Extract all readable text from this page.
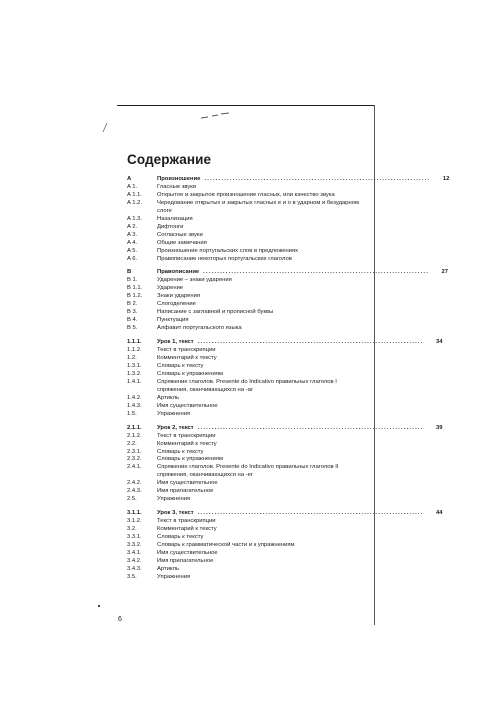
Содержание
A	Произношение ................................................................................	12
A 1.	Гласные звуки
A 1.1.	Открытое и закрытое произношение гласных, или качество звука
A 1.2.	Чередование открытых и закрытых гласных e и o в ударном и безударном слоге
A 1.3.	Назализация
A 2.	Дифтонги
A 3.	Согласные звуки
A 4.	Общие замечания
A 5.	Произношение португальских слов в предложениях
A 6.	Правописание некоторых португальских глаголов
B	Правописание ................................................................................	27
B 1.	Ударение – знаки ударения
B 1.1.	Ударение
B 1.2.	Знаки ударения
B 2.	Слогоделение
B 3.	Написание с заглавной и прописной буквы
B 4.	Пунктуация
B 5.	Алфавит португальского языка
1.1.1.	Урок 1, текст ................................................................................	34
1.1.2.	Текст в транскрипции
1.2.	Комментарий к тексту
1.3.1.	Словарь к тексту
1.3.2.	Словарь к упражнениям
1.4.1.	Спряжение глаголов. Presente do Indicativo правильных глаголов I спряжения, оканчивающихся на -ar
1.4.2.	Артикль
1.4.3.	Имя существительное
1.5.	Упражнения
2.1.1.	Урок 2, текст ................................................................................	39
2.1.2.	Текст в транскрипции
2.2.	Комментарий к тексту
2.3.1.	Словарь к тексту
2.3.2.	Словарь к упражнениям
2.4.1.	Спряжение глаголов. Presente do Indicativo правильных глаголов II спряжения, оканчивающихся на -er
2.4.2.	Имя существительное
2.4.3.	Имя прилагательное
2.5.	Упражнения
3.1.1.	Урок 3, текст ................................................................................	44
3.1.2.	Текст в транскрипции
3.2.	Комментарий к тексту
3.3.1.	Словарь к тексту
3.3.2.	Словарь к грамматической части и к упражнениям
3.4.1.	Имя существительное
3.4.2.	Имя прилагательное
3.4.3.	Артикль
3.5.	Упражнения
6
